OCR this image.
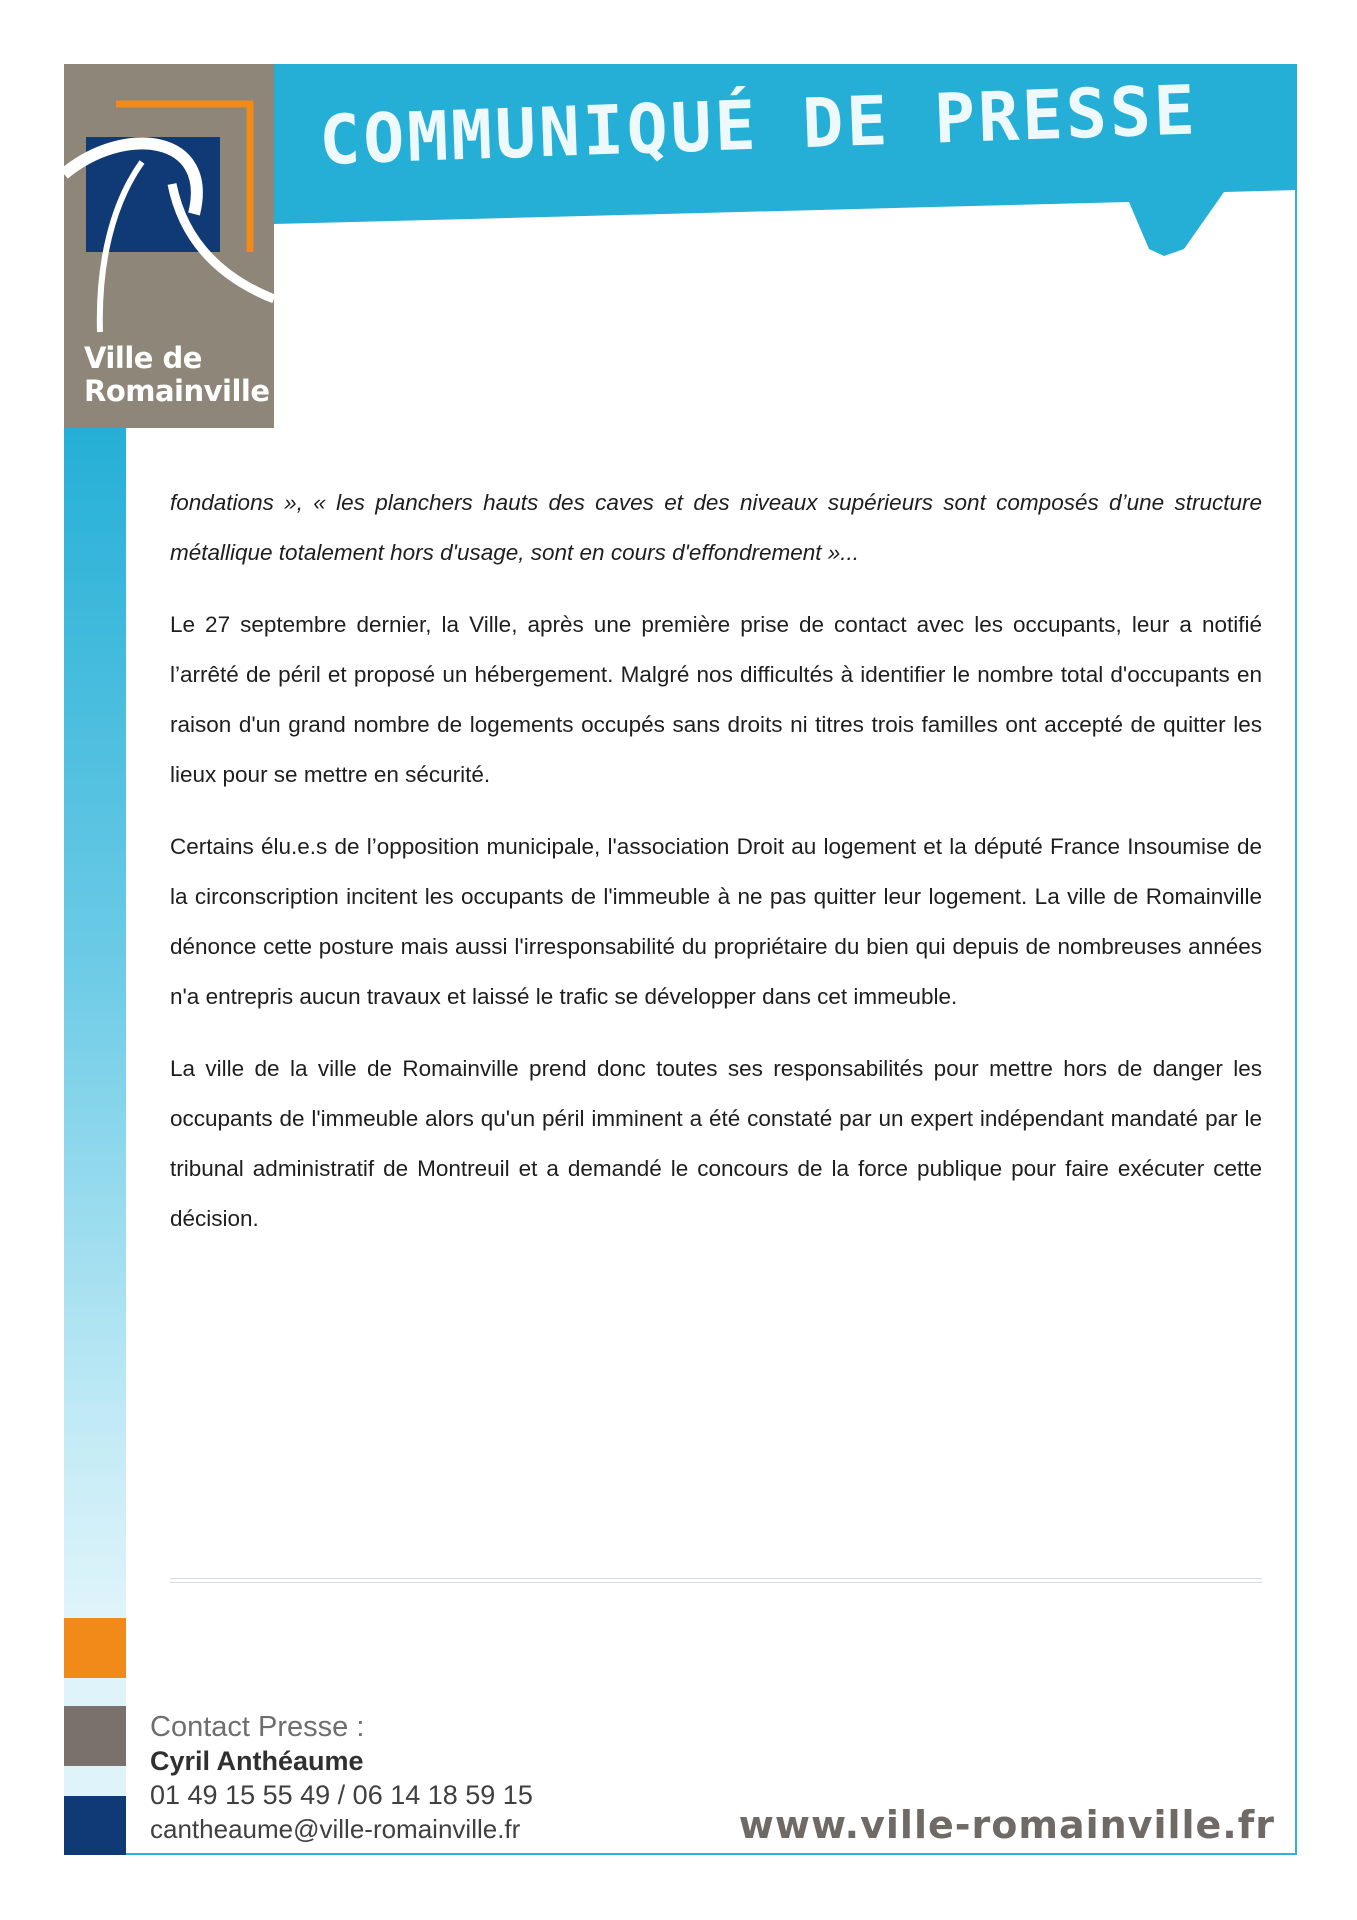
Ville de
Romainville
COMMUNIQUÉ DE PRESSE

fondations », « les planchers hauts des caves et des niveaux supérieurs sont composés d’une structure métallique totalement hors d'usage, sont en cours d'effondrement »...

Le 27 septembre dernier, la Ville, après une première prise de contact avec les occupants, leur a notifié l’arrêté de péril et proposé un hébergement. Malgré nos difficultés à identifier le nombre total d'occupants en raison d'un grand nombre de logements occupés sans droits ni titres trois familles ont accepté de quitter les lieux pour se mettre en sécurité.

Certains élu.e.s de l’opposition municipale, l'association Droit au logement et la député France Insoumise de la circonscription incitent les occupants de l'immeuble à ne pas quitter leur logement. La ville de Romainville dénonce cette posture mais aussi l'irresponsabilité du propriétaire du bien qui depuis de nombreuses années n'a entrepris aucun travaux et laissé le trafic se développer dans cet immeuble.

La ville de la ville de Romainville prend donc toutes ses responsabilités pour mettre hors de danger les occupants de l'immeuble alors qu'un péril imminent a été constaté par un expert indépendant mandaté par le tribunal administratif de Montreuil et a demandé le concours de la force publique pour faire exécuter cette décision.

Contact Presse :
Cyril Anthéaume
01 49 15 55 49 / 06 14 18 59 15
cantheaume@ville-romainville.fr	www.ville-romainville.fr
